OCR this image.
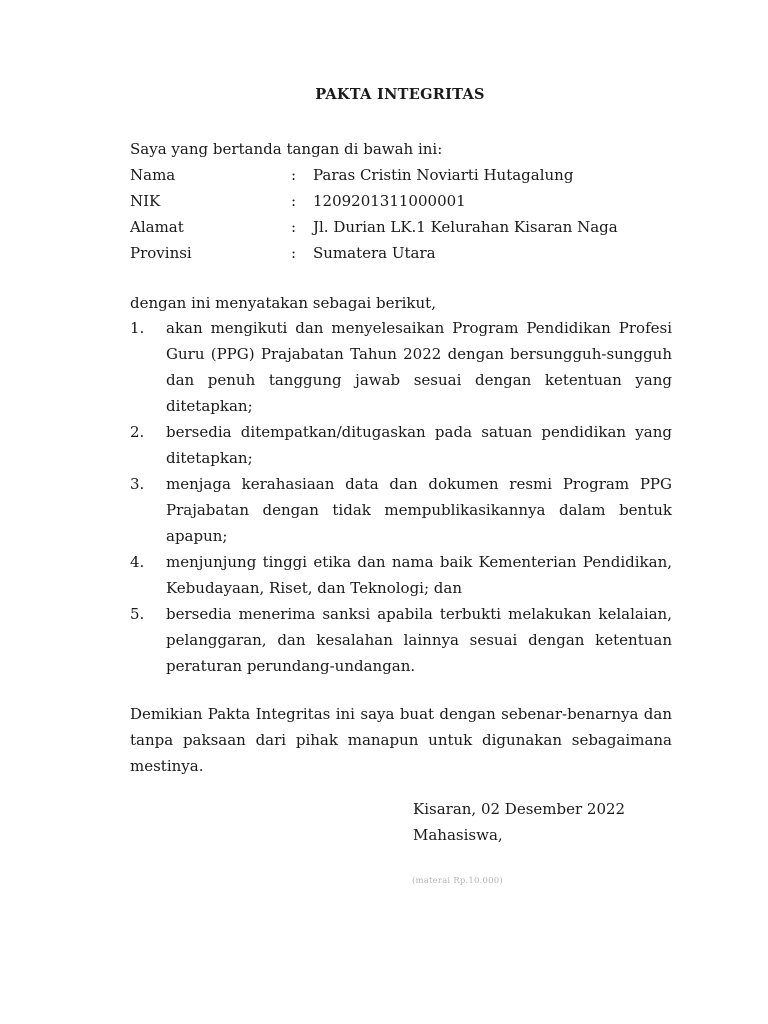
PAKTA INTEGRITAS
Saya yang bertanda tangan di bawah ini:
Nama	:	Paras Cristin Noviarti Hutagalung
NIK	:	1209201311000001
Alamat	:	Jl. Durian LK.1 Kelurahan Kisaran Naga
Provinsi	:	Sumatera Utara
dengan ini menyatakan sebagai berikut,
1.	akan mengikuti dan menyelesaikan Program Pendidikan Profesi Guru (PPG) Prajabatan Tahun 2022 dengan bersungguh-sungguh dan penuh tanggung jawab sesuai dengan ketentuan yang ditetapkan;
2.	bersedia ditempatkan/ditugaskan pada satuan pendidikan yang ditetapkan;
3.	menjaga kerahasiaan data dan dokumen resmi Program PPG Prajabatan dengan tidak mempublikasikannya dalam bentuk apapun;
4.	menjunjung tinggi etika dan nama baik Kementerian Pendidikan, Kebudayaan, Riset, dan Teknologi; dan
5.	bersedia menerima sanksi apabila terbukti melakukan kelalaian, pelanggaran, dan kesalahan lainnya sesuai dengan ketentuan peraturan perundang-undangan.
Demikian Pakta Integritas ini saya buat dengan sebenar-benarnya dan tanpa paksaan dari pihak manapun untuk digunakan sebagaimana mestinya.
Kisaran, 02 Desember 2022
Mahasiswa,
(materai Rp.10.000)
